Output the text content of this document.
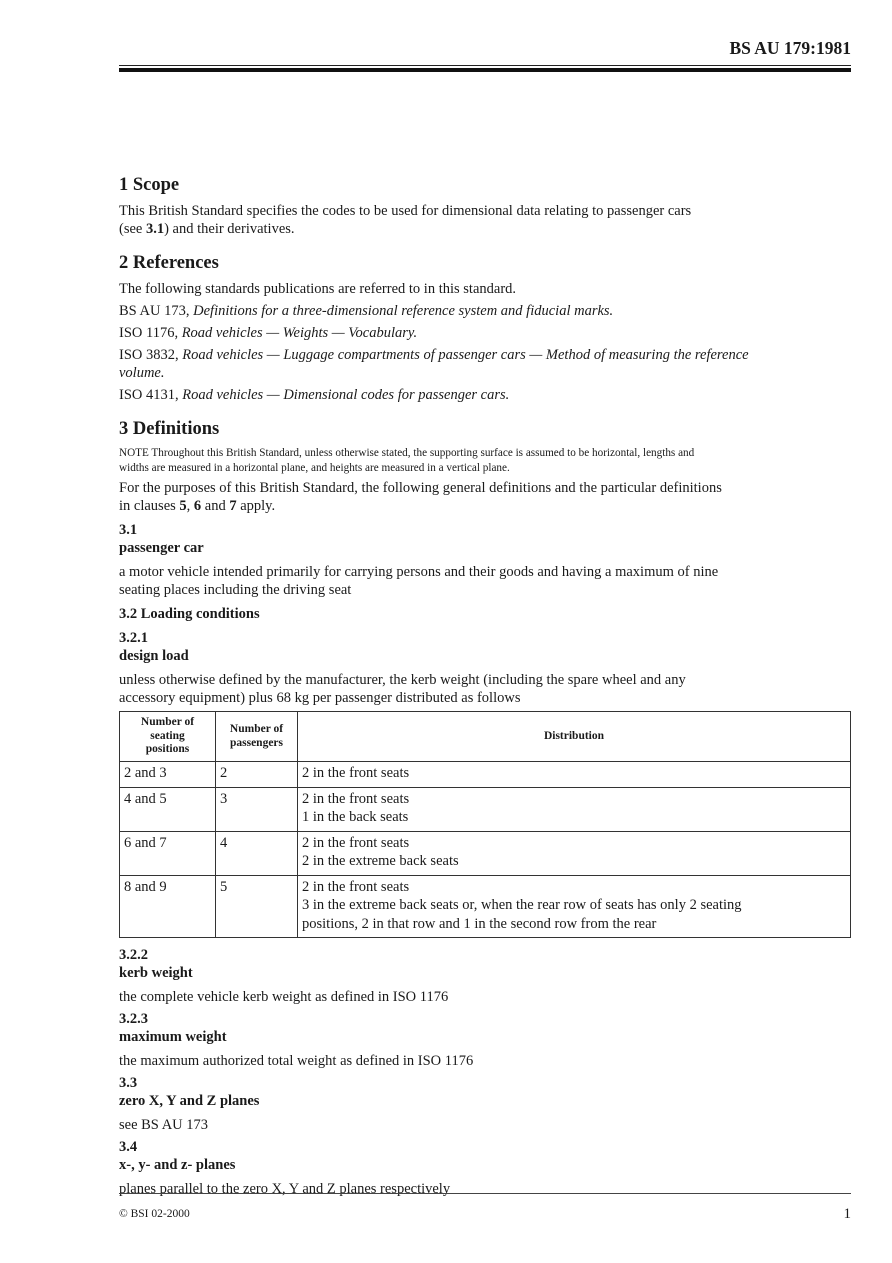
BS AU 179:1981
1 Scope

This British Standard specifies the codes to be used for dimensional data relating to passenger cars
(see 3.1) and their derivatives.

2 References

The following standards publications are referred to in this standard.

BS AU 173, Definitions for a three-dimensional reference system and fiducial marks.

ISO 1176, Road vehicles — Weights — Vocabulary.

ISO 3832, Road vehicles — Luggage compartments of passenger cars — Method of measuring the reference
volume.

ISO 4131, Road vehicles — Dimensional codes for passenger cars.

3 Definitions

NOTE Throughout this British Standard, unless otherwise stated, the supporting surface is assumed to be horizontal, lengths and
widths are measured in a horizontal plane, and heights are measured in a vertical plane.

For the purposes of this British Standard, the following general definitions and the particular definitions
in clauses 5, 6 and 7 apply.

3.1
passenger car

a motor vehicle intended primarily for carrying persons and their goods and having a maximum of nine
seating places including the driving seat

3.2 Loading conditions
3.2.1
design load

unless otherwise defined by the manufacturer, the kerb weight (including the spare wheel and any
accessory equipment) plus 68 kg per passenger distributed as follows

Number of seating positions	Number of passengers	Distribution
2 and 3	2	2 in the front seats
4 and 5	3	2 in the front seats
1 in the back seats
6 and 7	4	2 in the front seats
2 in the extreme back seats
8 and 9	5	2 in the front seats
3 in the extreme back seats or, when the rear row of seats has only 2 seating
positions, 2 in that row and 1 in the second row from the rear
3.2.2
kerb weight

the complete vehicle kerb weight as defined in ISO 1176

3.2.3
maximum weight

the maximum authorized total weight as defined in ISO 1176

3.3
zero X, Y and Z planes

see BS AU 173

3.4
x-, y- and z- planes

planes parallel to the zero X, Y and Z planes respectively

© BSI 02-2000	1
